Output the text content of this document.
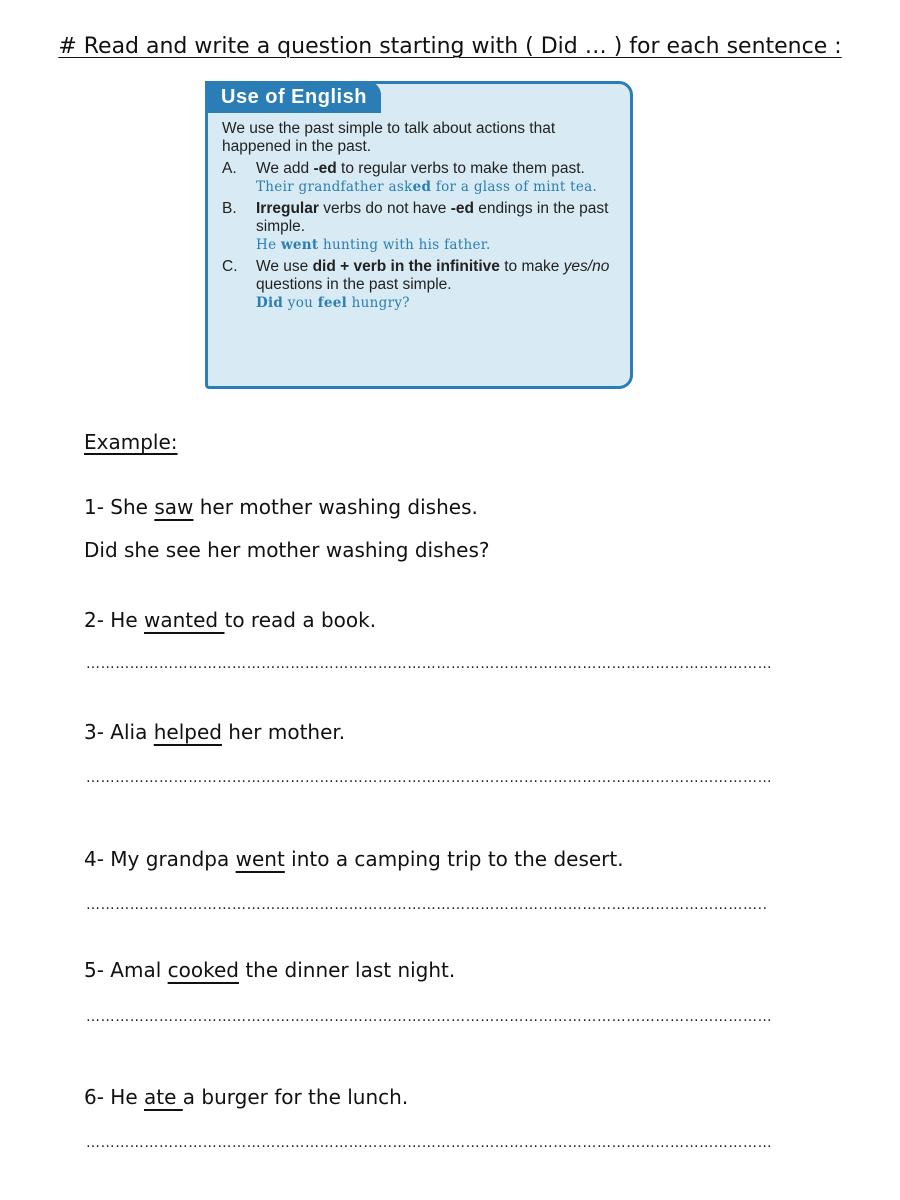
# Read and write a question starting with ( Did … ) for each sentence :
Use of English

We use the past simple to talk about actions that happened in the past.

A.	We add -ed to regular verbs to make them past.

Their grandfather asked for a glass of mint tea.

B.	Irregular verbs do not have -ed endings in the past simple.

He went hunting with his father.

C.	We use did + verb in the infinitive to make yes/no questions in the past simple.

Did you feel hungry?

Example:
1- She saw her mother washing dishes.
Did she see her mother washing dishes?
2- He wanted to read a book.
……………………………………………………………………………………………………………………………
3- Alia helped her mother.
……………………………………………………………………………………………………………………………
4- My grandpa went into a camping trip to the desert.
…………………………………………………………………………………………………………………………..
5- Amal cooked the dinner last night.
……………………………………………………………………………………………………………………………
6- He ate a burger for the lunch.
……………………………………………………………………………………………………………………………
